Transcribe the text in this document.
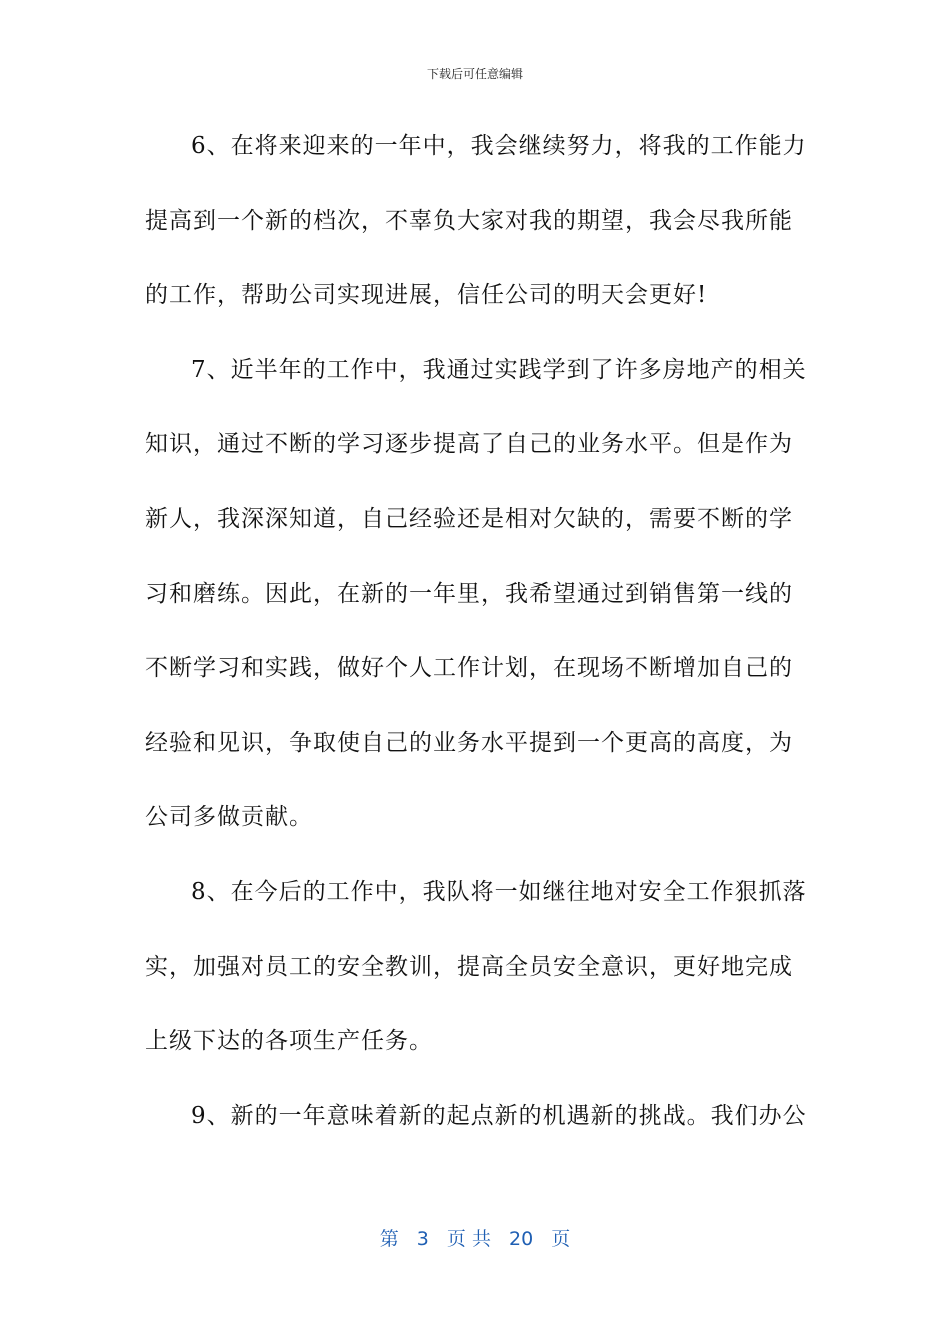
下载后可任意编辑
6、在将来迎来的一年中，我会继续努力，将我的工作能力
提高到一个新的档次，不辜负大家对我的期望，我会尽我所能
的工作，帮助公司实现进展，信任公司的明天会更好!
7、近半年的工作中，我通过实践学到了许多房地产的相关
知识，通过不断的学习逐步提高了自己的业务水平。但是作为
新人，我深深知道，自己经验还是相对欠缺的，需要不断的学
习和磨练。因此，在新的一年里，我希望通过到销售第一线的
不断学习和实践，做好个人工作计划，在现场不断增加自己的
经验和见识，争取使自己的业务水平提到一个更高的高度，为
公司多做贡献。
8、在今后的工作中，我队将一如继往地对安全工作狠抓落
实，加强对员工的安全教训，提高全员安全意识，更好地完成
上级下达的各项生产任务。
9、新的一年意味着新的起点新的机遇新的挑战。我们办公
第 3 页 共 20 页
